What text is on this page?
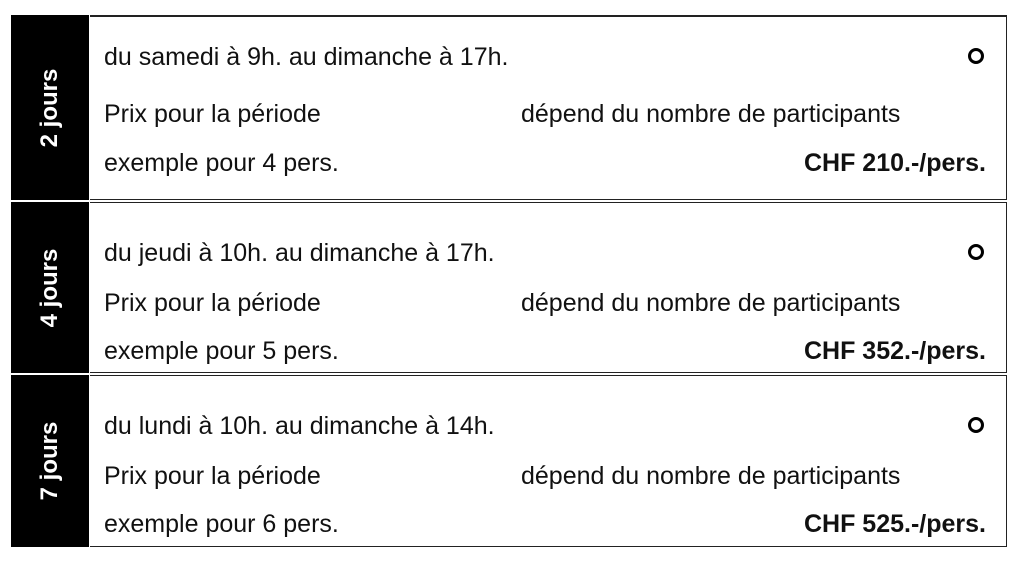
2 jours
du samedi à 9h. au dimanche à 17h.
Prix pour la période	dépend du nombre de participants
exemple pour 4 pers.	CHF 210.-/pers.
4 jours du jeudi à 10h. au dimanche à 17h.
Prix pour la période	dépend du nombre de participants
exemple pour 5 pers.	CHF 352.-/pers.
7 jours du lundi à 10h. au dimanche à 14h.
Prix pour la période	dépend du nombre de participants
exemple pour 6 pers.	CHF 525.-/pers.
